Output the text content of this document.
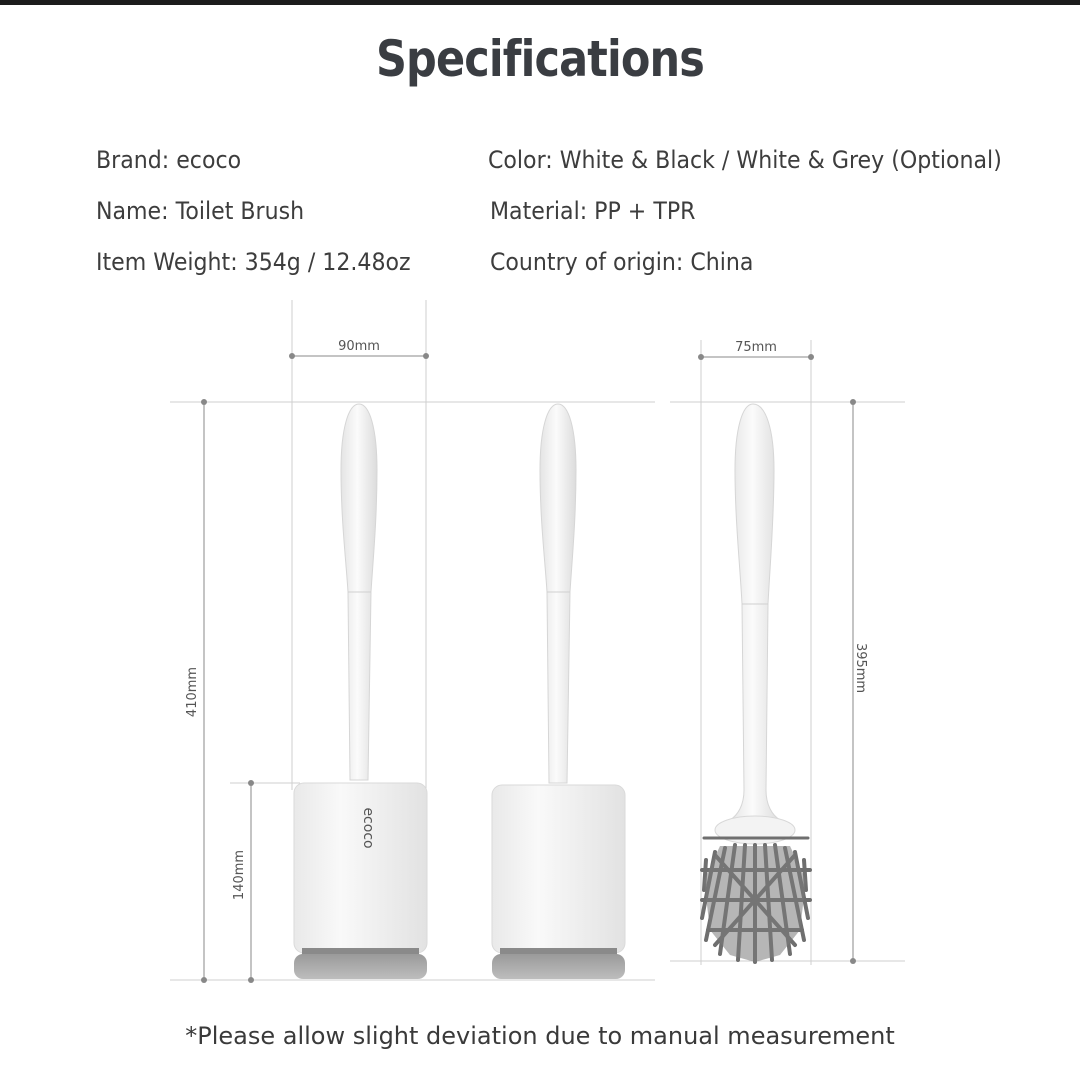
Specifications
Brand: ecoco
Name: Toilet Brush
Item Weight: 354g / 12.48oz
Color: White & Black / White & Grey (Optional)
Material: PP + TPR
Country of origin: China
90mm	75mm
410mm
140mm
395mm
ecoco
*Please allow slight deviation due to manual measurement
